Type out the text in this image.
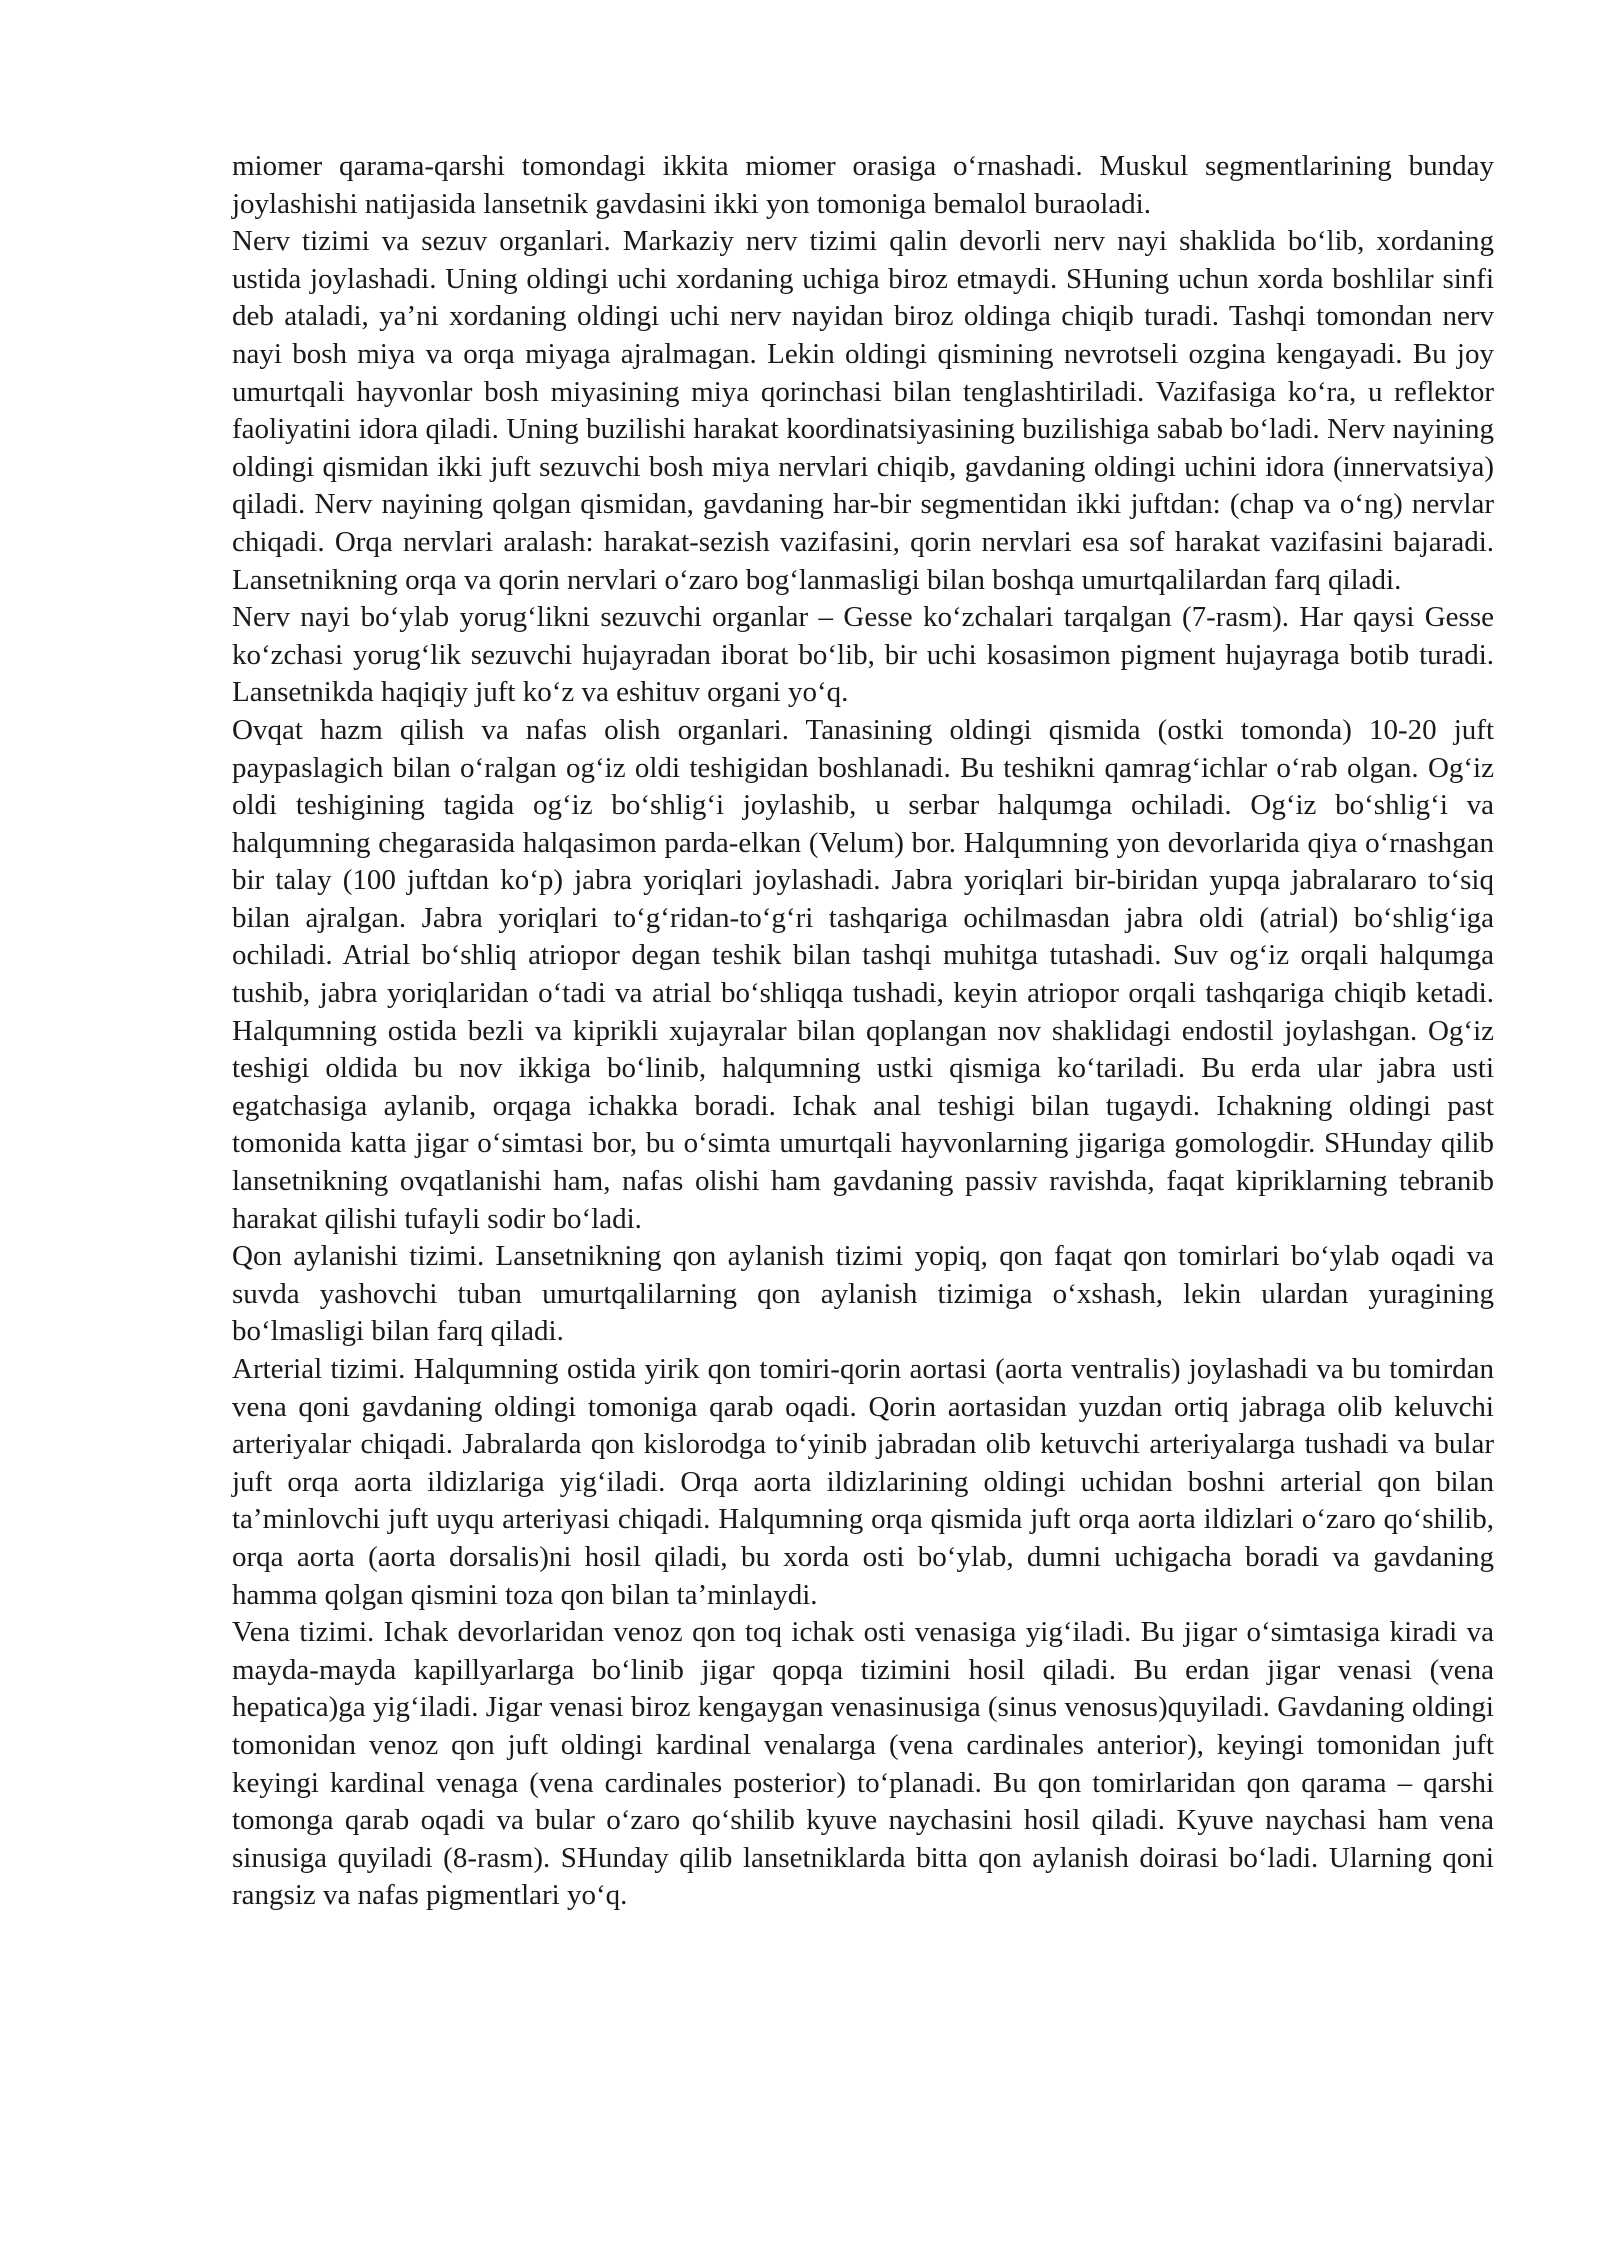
miomer qarama-qarshi tomondagi ikkita miomer orasiga o‘rnashadi. Muskul segmentlarining bunday joylashishi natijasida lansetnik gavdasini ikki yon tomoniga bemalol buraoladi.

Nerv tizimi va sezuv organlari. Markaziy nerv tizimi qalin devorli nerv nayi shaklida bo‘lib, xordaning ustida joylashadi. Uning oldingi uchi xordaning uchiga biroz etmaydi. SHuning uchun xorda boshlilar sinfi deb ataladi, ya’ni xordaning oldingi uchi nerv nayidan biroz oldinga chiqib turadi. Tashqi tomondan nerv nayi bosh miya va orqa miyaga ajralmagan. Lekin oldingi qismining nevrotseli ozgina kengayadi. Bu joy umurtqali hayvonlar bosh miyasining miya qorinchasi bilan tenglashtiriladi. Vazifasiga ko‘ra, u reflektor faoliyatini idora qiladi. Uning buzilishi harakat koordinatsiyasining buzilishiga sabab bo‘ladi. Nerv nayining oldingi qismidan ikki juft sezuvchi bosh miya nervlari chiqib, gavdaning oldingi uchini idora (innervatsiya) qiladi. Nerv nayining qolgan qismidan, gavdaning har-bir segmentidan ikki juftdan: (chap va o‘ng) nervlar chiqadi. Orqa nervlari aralash: harakat-sezish vazifasini, qorin nervlari esa sof harakat vazifasini bajaradi. Lansetnikning orqa va qorin nervlari o‘zaro bog‘lanmasligi bilan boshqa umurtqalilardan farq qiladi.

Nerv nayi bo‘ylab yorug‘likni sezuvchi organlar – Gesse ko‘zchalari tarqalgan (7-rasm). Har qaysi Gesse ko‘zchasi yorug‘lik sezuvchi hujayradan iborat bo‘lib, bir uchi kosasimon pigment hujayraga botib turadi. Lansetnikda haqiqiy juft ko‘z va eshituv organi yo‘q.

Ovqat hazm qilish va nafas olish organlari. Tanasining oldingi qismida (ostki tomonda) 10-20 juft paypaslagich bilan o‘ralgan og‘iz oldi teshigidan boshlanadi. Bu teshikni qamrag‘ichlar o‘rab olgan. Og‘iz oldi teshigining tagida og‘iz bo‘shlig‘i joylashib, u serbar halqumga ochiladi. Og‘iz bo‘shlig‘i va halqumning chegarasida halqasimon parda-elkan (Velum) bor. Halqumning yon devorlarida qiya o‘rnashgan bir talay (100 juftdan ko‘p) jabra yoriqlari joylashadi. Jabra yoriqlari bir-biridan yupqa jabralararo to‘siq bilan ajralgan. Jabra yoriqlari to‘g‘ridan-to‘g‘ri tashqariga ochilmasdan jabra oldi (atrial) bo‘shlig‘iga ochiladi. Atrial bo‘shliq atriopor degan teshik bilan tashqi muhitga tutashadi. Suv og‘iz orqali halqumga tushib, jabra yoriqlaridan o‘tadi va atrial bo‘shliqqa tushadi, keyin atriopor orqali tashqariga chiqib ketadi. Halqumning ostida bezli va kiprikli xujayralar bilan qoplangan nov shaklidagi endostil joylashgan. Og‘iz teshigi oldida bu nov ikkiga bo‘linib, halqumning ustki qismiga ko‘tariladi. Bu erda ular jabra usti egatchasiga aylanib, orqaga ichakka boradi. Ichak anal teshigi bilan tugaydi. Ichakning oldingi past tomonida katta jigar o‘simtasi bor, bu o‘simta umurtqali hayvonlarning jigariga gomologdir. SHunday qilib lansetnikning ovqatlanishi ham, nafas olishi ham gavdaning passiv ravishda, faqat kipriklarning tebranib harakat qilishi tufayli sodir bo‘ladi.

Qon aylanishi tizimi. Lansetnikning qon aylanish tizimi yopiq, qon faqat qon tomirlari bo‘ylab oqadi va suvda yashovchi tuban umurtqalilarning qon aylanish tizimiga o‘xshash, lekin ulardan yuragining bo‘lmasligi bilan farq qiladi.

Arterial tizimi. Halqumning ostida yirik qon tomiri-qorin aortasi (aorta ventralis) joylashadi va bu tomirdan vena qoni gavdaning oldingi tomoniga qarab oqadi. Qorin aortasidan yuzdan ortiq jabraga olib keluvchi arteriyalar chiqadi. Jabralarda qon kislorodga to‘yinib jabradan olib ketuvchi arteriyalarga tushadi va bular juft orqa aorta ildizlariga yig‘iladi. Orqa aorta ildizlarining oldingi uchidan boshni arterial qon bilan ta’minlovchi juft uyqu arteriyasi chiqadi. Halqumning orqa qismida juft orqa aorta ildizlari o‘zaro qo‘shilib, orqa aorta (aorta dorsalis)ni hosil qiladi, bu xorda osti bo‘ylab, dumni uchigacha boradi va gavdaning hamma qolgan qismini toza qon bilan ta’minlaydi.

Vena tizimi. Ichak devorlaridan venoz qon toq ichak osti venasiga yig‘iladi. Bu jigar o‘simtasiga kiradi va mayda-mayda kapillyarlarga bo‘linib jigar qopqa tizimini hosil qiladi. Bu erdan jigar venasi (vena hepatica)ga yig‘iladi. Jigar venasi biroz kengaygan venasinusiga (sinus venosus)quyiladi. Gavdaning oldingi tomonidan venoz qon juft oldingi kardinal venalarga (vena cardinales anterior), keyingi tomonidan juft keyingi kardinal venaga (vena cardinales posterior) to‘planadi. Bu qon tomirlaridan qon qarama – qarshi tomonga qarab oqadi va bular o‘zaro qo‘shilib kyuve naychasini hosil qiladi. Kyuve naychasi ham vena sinusiga quyiladi (8-rasm). SHunday qilib lansetniklarda bitta qon aylanish doirasi bo‘ladi. Ularning qoni rangsiz va nafas pigmentlari yo‘q.
